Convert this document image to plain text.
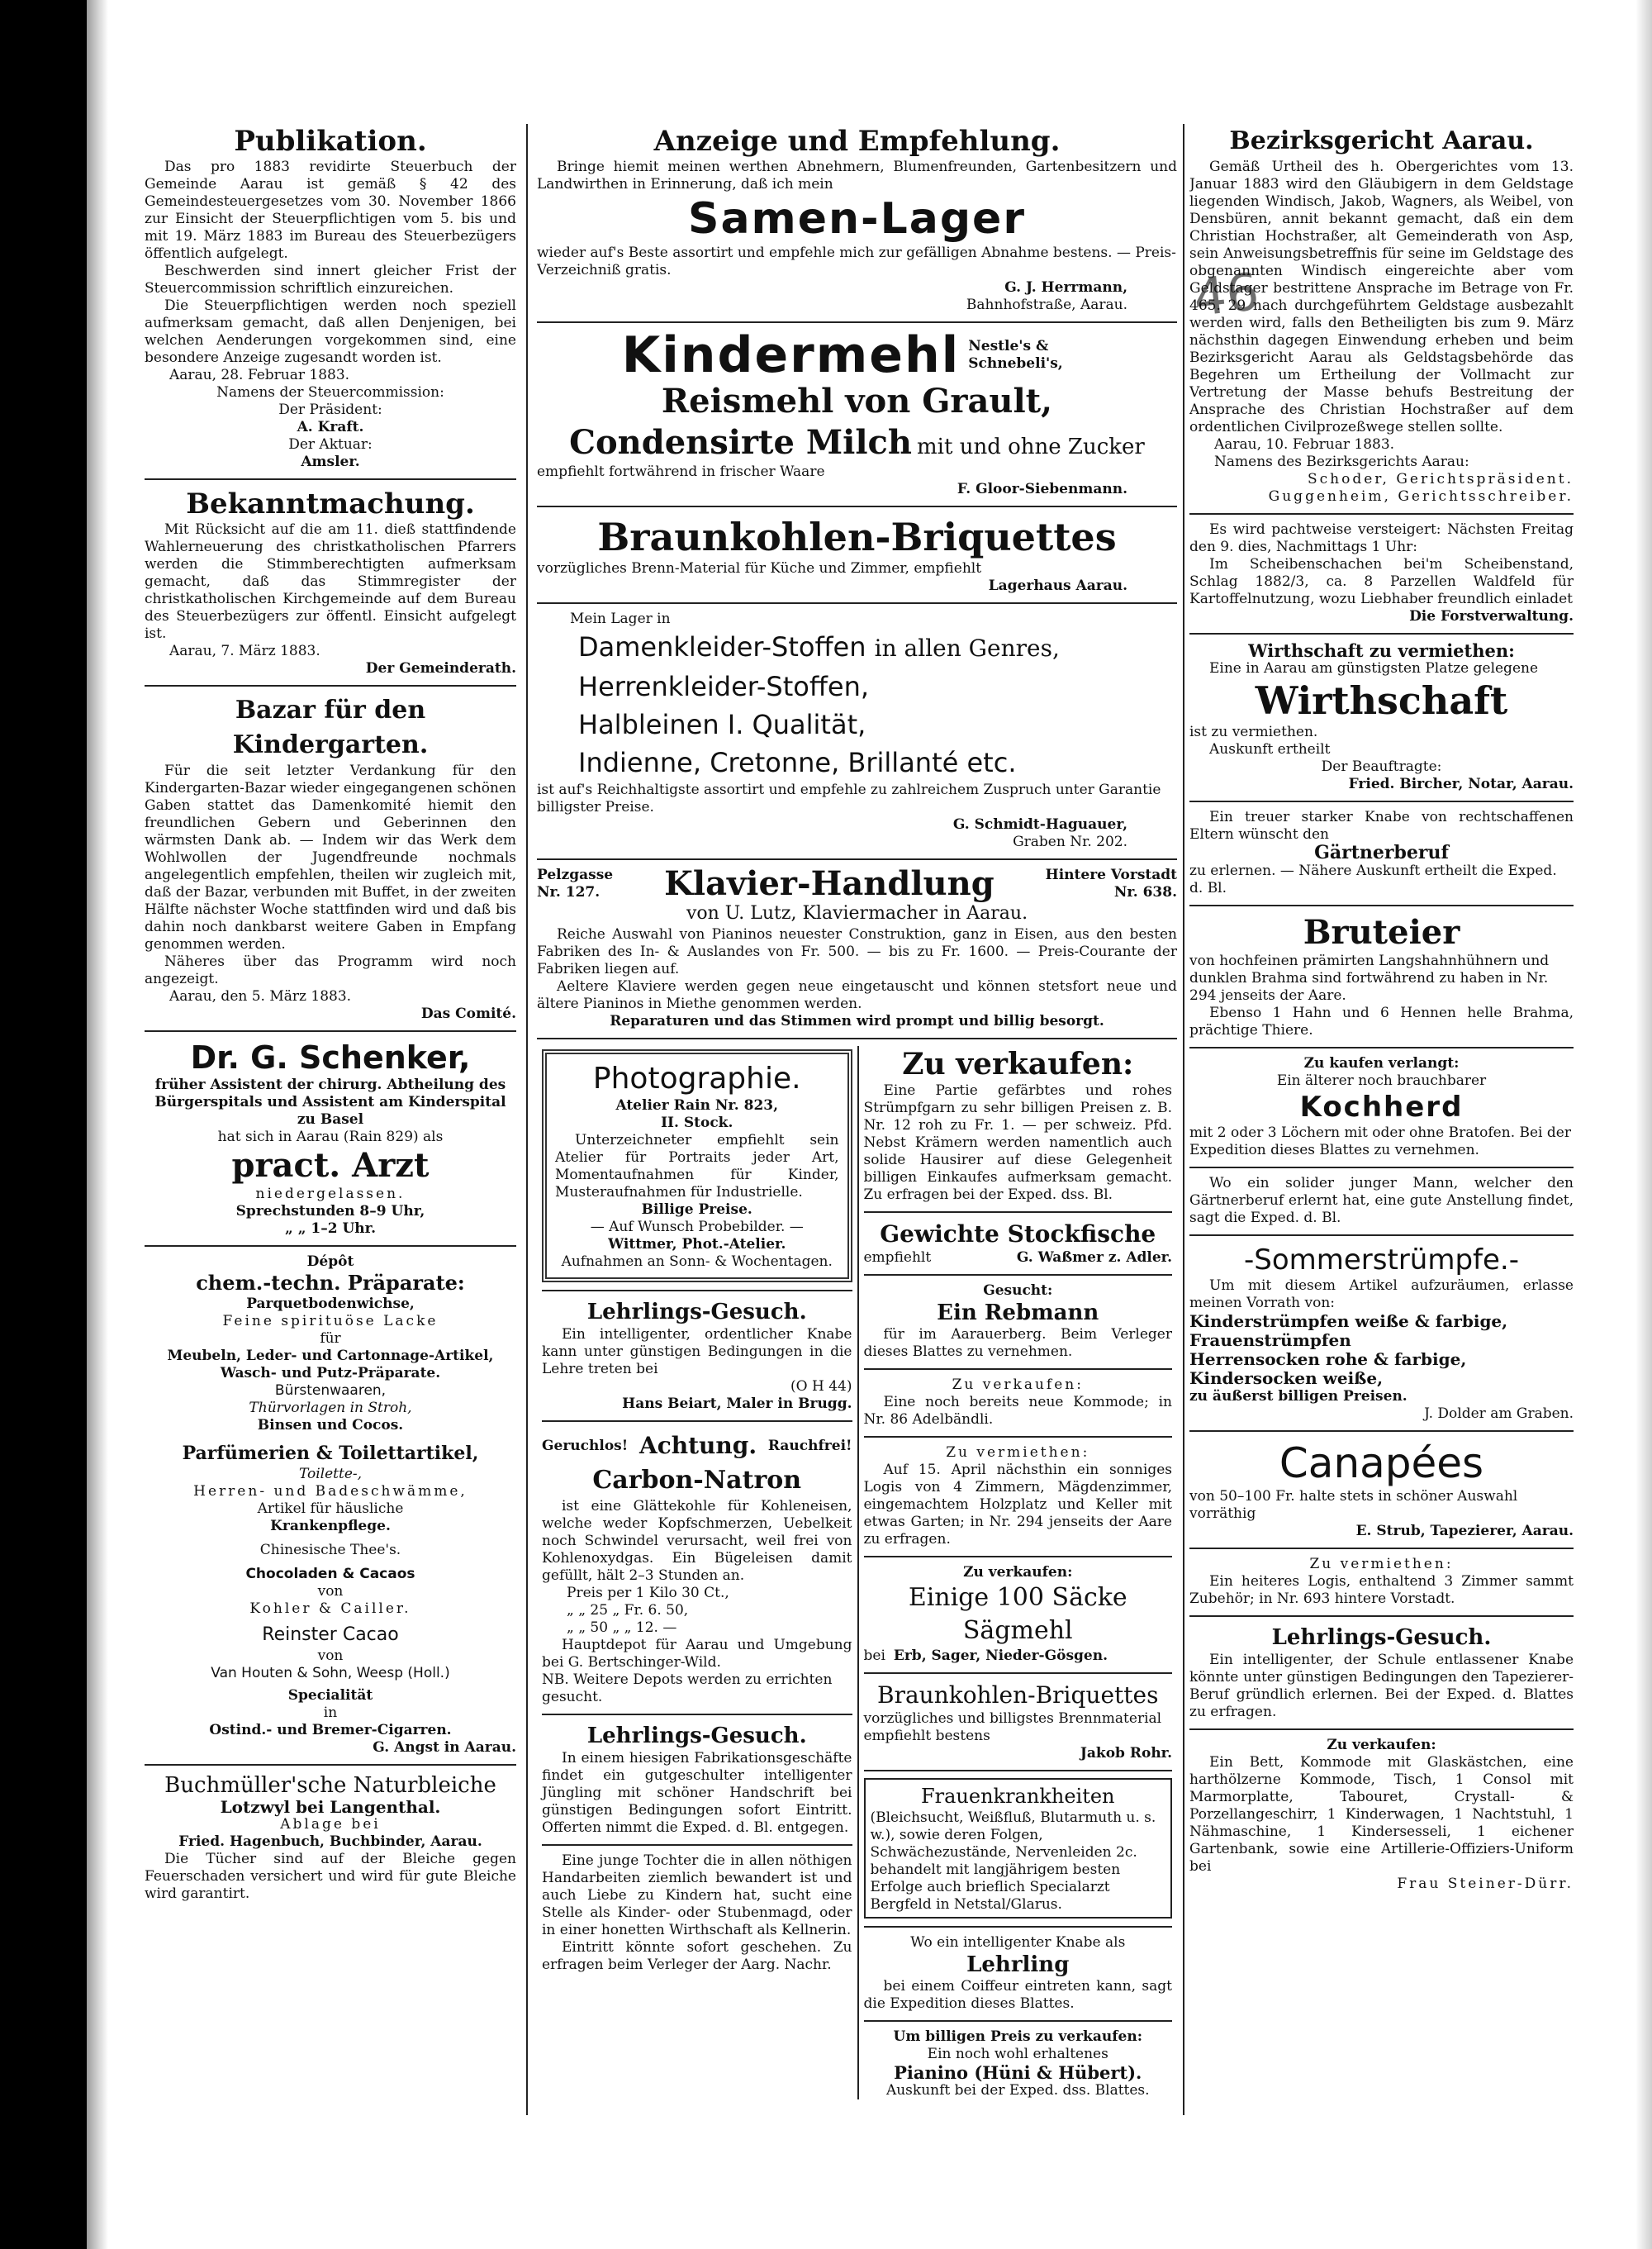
46
Publikation.

Das pro 1883 revidirte Steuerbuch der Gemeinde Aarau ist gemäß § 42 des Gemeindesteuergesetzes vom 30. November 1866 zur Einsicht der Steuerpflichtigen vom 5. bis und mit 19. März 1883 im Bureau des Steuerbezügers öffentlich aufgelegt.

Beschwerden sind innert gleicher Frist der Steuercommission schriftlich einzureichen.

Die Steuerpflichtigen werden noch speziell aufmerksam gemacht, daß allen Denjenigen, bei welchen Aenderungen vorgekommen sind, eine besondere Anzeige zugesandt worden ist.

Aarau, 28. Februar 1883.

Namens der Steuercommission:

Der Präsident:

A. Kraft.

Der Aktuar:

Amsler.

Bekanntmachung.

Mit Rücksicht auf die am 11. dieß stattfindende Wahlerneuerung des christkatholischen Pfarrers werden die Stimmberechtigten aufmerksam gemacht, daß das Stimmregister der christkatholischen Kirchgemeinde auf dem Bureau des Steuerbezügers zur öffentl. Einsicht aufgelegt ist.

Aarau, 7. März 1883.

Der Gemeinderath.

Bazar für den Kindergarten.

Für die seit letzter Verdankung für den Kindergarten-Bazar wieder eingegangenen schönen Gaben stattet das Damenkomité hiemit den freundlichen Gebern und Geberinnen den wärmsten Dank ab. — Indem wir das Werk dem Wohlwollen der Jugendfreunde nochmals angelegentlich empfehlen, theilen wir zugleich mit, daß der Bazar, verbunden mit Buffet, in der zweiten Hälfte nächster Woche stattfinden wird und daß bis dahin noch dankbarst weitere Gaben in Empfang genommen werden.

Näheres über das Programm wird noch angezeigt.

Aarau, den 5. März 1883.

Das Comité.

Dr. G. Schenker,

früher Assistent der chirurg. Abtheilung des Bürgerspitals und Assistent am Kinderspital zu Basel

hat sich in Aarau (Rain 829) als

pract. Arzt

niedergelassen.

Sprechstunden 8–9 Uhr,

„ „ 1–2 Uhr.

Dépôt

chem.-techn. Präparate:

Parquetbodenwichse,

Feine spirituöse Lacke

für

Meubeln, Leder- und Cartonnage-Artikel,

Wasch- und Putz-Präparate.

Bürstenwaaren,

Thürvorlagen in Stroh,

Binsen und Cocos.

Parfümerien & Toilettartikel,

Toilette-,

Herren- und Badeschwämme,

Artikel für häusliche

Krankenpflege.

Chinesische Thee's.

Chocoladen & Cacaos

von

Kohler & Cailler.

Reinster Cacao

von

Van Houten & Sohn, Weesp (Holl.)

Specialität

in

Ostind.- und Bremer-Cigarren.

G. Angst in Aarau.

Buchmüller'sche Naturbleiche

Lotzwyl bei Langenthal.

Ablage bei

Fried. Hagenbuch, Buchbinder, Aarau.

Die Tücher sind auf der Bleiche gegen Feuerschaden versichert und wird für gute Bleiche wird garantirt.

Anzeige und Empfehlung.

Bringe hiemit meinen werthen Abnehmern, Blumenfreunden, Gartenbesitzern und Landwirthen in Erinnerung, daß ich mein

Samen-Lager

wieder auf's Beste assortirt und empfehle mich zur gefälligen Abnahme bestens. — Preis-Verzeichniß gratis.

G. J. Herrmann,

Bahnhofstraße, Aarau.

Kindermehl Nestle's & Schnebeli's,
Reismehl von Grault,
Condensirte Milch mit und ohne Zucker

empfiehlt fortwährend in frischer Waare

F. Gloor-Siebenmann.

Braunkohlen-Briquettes

vorzügliches Brenn-Material für Küche und Zimmer, empfiehlt

Lagerhaus Aarau.

Mein Lager in

Damenkleider-Stoffen in allen Genres,
Herrenkleider-Stoffen,
Halbleinen I. Qualität,
Indienne, Cretonne, Brillanté etc.

ist auf's Reichhaltigste assortirt und empfehle zu zahlreichem Zuspruch unter Garantie billigster Preise.

G. Schmidt-Haguauer,

Graben Nr. 202.

Pelzgasse
Nr. 127.	Klavier-Handlung	Hintere Vorstadt
Nr. 638.

von U. Lutz, Klaviermacher in Aarau.

Reiche Auswahl von Pianinos neuester Construktion, ganz in Eisen, aus den besten Fabriken des In- & Auslandes von Fr. 500. — bis zu Fr. 1600. — Preis-Courante der Fabriken liegen auf.

Aeltere Klaviere werden gegen neue eingetauscht und können stetsfort neue und ältere Pianinos in Miethe genommen werden.

Reparaturen und das Stimmen wird prompt und billig besorgt.

Photographie.

Atelier Rain Nr. 823,

II. Stock.

Unterzeichneter empfiehlt sein Atelier für Portraits jeder Art, Momentaufnahmen für Kinder, Musteraufnahmen für Industrielle.

Billige Preise.

— Auf Wunsch Probebilder. —

Wittmer, Phot.-Atelier.

Aufnahmen an Sonn- & Wochentagen.

Lehrlings-Gesuch.

Ein intelligenter, ordentlicher Knabe kann unter günstigen Bedingungen in die Lehre treten bei

(O H 44)

Hans Beiart, Maler in Brugg.

Geruchlos! Achtung. Rauchfrei!
Carbon-Natron

ist eine Glättekohle für Kohleneisen, welche weder Kopfschmerzen, Uebelkeit noch Schwindel verursacht, weil frei von Kohlenoxydgas. Ein Bügeleisen damit gefüllt, hält 2–3 Stunden an.

Preis per 1 Kilo 30 Ct.,

„ „ 25 „ Fr. 6. 50,

„ „ 50 „ „ 12. —

Hauptdepot für Aarau und Umgebung bei G. Bertschinger-Wild.

NB. Weitere Depots werden zu errichten gesucht.

Lehrlings-Gesuch.

In einem hiesigen Fabrikationsgeschäfte findet ein gutgeschulter intelligenter Jüngling mit schöner Handschrift bei günstigen Bedingungen sofort Eintritt. Offerten nimmt die Exped. d. Bl. entgegen.

Eine junge Tochter die in allen nöthigen Handarbeiten ziemlich bewandert ist und auch Liebe zu Kindern hat, sucht eine Stelle als Kinder- oder Stubenmagd, oder in einer honetten Wirthschaft als Kellnerin.

Eintritt könnte sofort geschehen. Zu erfragen beim Verleger der Aarg. Nachr.

Zu verkaufen:

Eine Partie gefärbtes und rohes Strümpfgarn zu sehr billigen Preisen z. B. Nr. 12 roh zu Fr. 1. — per schweiz. Pfd. Nebst Krämern werden namentlich auch solide Hausirer auf diese Gelegenheit billigen Einkaufes aufmerksam gemacht. Zu erfragen bei der Exped. dss. Bl.

Gewichte Stockfische
empfiehlt	G. Waßmer z. Adler.

Gesucht:

Ein Rebmann

für im Aarauerberg. Beim Verleger dieses Blattes zu vernehmen.

Zu verkaufen:

Eine noch bereits neue Kommode; in Nr. 86 Adelbändli.

Zu vermiethen:

Auf 15. April nächsthin ein sonniges Logis von 4 Zimmern, Mägdenzimmer, eingemachtem Holzplatz und Keller mit etwas Garten; in Nr. 294 jenseits der Aare zu erfragen.

Zu verkaufen:

Einige 100 Säcke Sägmehl
bei Erb, Sager, Nieder-Gösgen.
Braunkohlen-Briquettes

vorzügliches und billigstes Brennmaterial empfiehlt bestens

Jakob Rohr.

Frauenkrankheiten

(Bleichsucht, Weißfluß, Blutarmuth u. s. w.), sowie deren Folgen, Schwächezustände, Nervenleiden 2c. behandelt mit langjährigem besten Erfolge auch brieflich Specialarzt Bergfeld in Netstal/Glarus.

Wo ein intelligenter Knabe als

Lehrling

bei einem Coiffeur eintreten kann, sagt die Expedition dieses Blattes.

Um billigen Preis zu verkaufen:

Ein noch wohl erhaltenes

Pianino (Hüni & Hübert).

Auskunft bei der Exped. dss. Blattes.

Bezirksgericht Aarau.

Gemäß Urtheil des h. Obergerichtes vom 13. Januar 1883 wird den Gläubigern in dem Geldstage liegenden Windisch, Jakob, Wagners, als Weibel, von Densbüren, annit bekannt gemacht, daß ein dem Christian Hochstraßer, alt Gemeinderath von Asp, sein Anweisungsbetreffnis für seine im Geldstage des obgenannten Windisch eingereichte aber vom Geldstager bestrittene Ansprache im Betrage von Fr. 465. 29 nach durchgeführtem Geldstage ausbezahlt werden wird, falls den Betheiligten bis zum 9. März nächsthin dagegen Einwendung erheben und beim Bezirksgericht Aarau als Geldstagsbehörde das Begehren um Ertheilung der Vollmacht zur Vertretung der Masse behufs Bestreitung der Ansprache des Christian Hochstraßer auf dem ordentlichen Civilprozeßwege stellen sollte.

Aarau, 10. Februar 1883.

Namens des Bezirksgerichts Aarau:

Schoder, Gerichtspräsident.

Guggenheim, Gerichtsschreiber.

Es wird pachtweise versteigert: Nächsten Freitag den 9. dies, Nachmittags 1 Uhr:

Im Scheibenschachen bei'm Scheibenstand, Schlag 1882/3, ca. 8 Parzellen Waldfeld für Kartoffelnutzung, wozu Liebhaber freundlich einladet

Die Forstverwaltung.

Wirthschaft zu vermiethen:

Eine in Aarau am günstigsten Platze gelegene

Wirthschaft

ist zu vermiethen.

Auskunft ertheilt

Der Beauftragte:

Fried. Bircher, Notar, Aarau.

Ein treuer starker Knabe von rechtschaffenen Eltern wünscht den

Gärtnerberuf

zu erlernen. — Nähere Auskunft ertheilt die Exped. d. Bl.

Bruteier

von hochfeinen prämirten Langshahnhühnern und dunklen Brahma sind fortwährend zu haben in Nr. 294 jenseits der Aare.

Ebenso 1 Hahn und 6 Hennen helle Brahma, prächtige Thiere.

Zu kaufen verlangt:

Ein älterer noch brauchbarer

Kochherd

mit 2 oder 3 Löchern mit oder ohne Bratofen. Bei der Expedition dieses Blattes zu vernehmen.

Wo ein solider junger Mann, welcher den Gärtnerberuf erlernt hat, eine gute Anstellung findet, sagt die Exped. d. Bl.

-Sommerstrümpfe.-

Um mit diesem Artikel aufzuräumen, erlasse meinen Vorrath von:

Kinderstrümpfen weiße & farbige,

Frauenstrümpfen

Herrensocken rohe & farbige,

Kindersocken weiße,

zu äußerst billigen Preisen.

J. Dolder am Graben.

Canapées

von 50–100 Fr. halte stets in schöner Auswahl vorräthig

E. Strub, Tapezierer, Aarau.

Zu vermiethen:

Ein heiteres Logis, enthaltend 3 Zimmer sammt Zubehör; in Nr. 693 hintere Vorstadt.

Lehrlings-Gesuch.

Ein intelligenter, der Schule entlassener Knabe könnte unter günstigen Bedingungen den Tapezierer-Beruf gründlich erlernen. Bei der Exped. d. Blattes zu erfragen.

Zu verkaufen:

Ein Bett, Kommode mit Glaskästchen, eine harthölzerne Kommode, Tisch, 1 Consol mit Marmorplatte, Tabouret, Crystall- & Porzellangeschirr, 1 Kinderwagen, 1 Nachtstuhl, 1 Nähmaschine, 1 Kindersesseli, 1 eichener Gartenbank, sowie eine Artillerie-Offiziers-Uniform bei

Frau Steiner-Dürr.
